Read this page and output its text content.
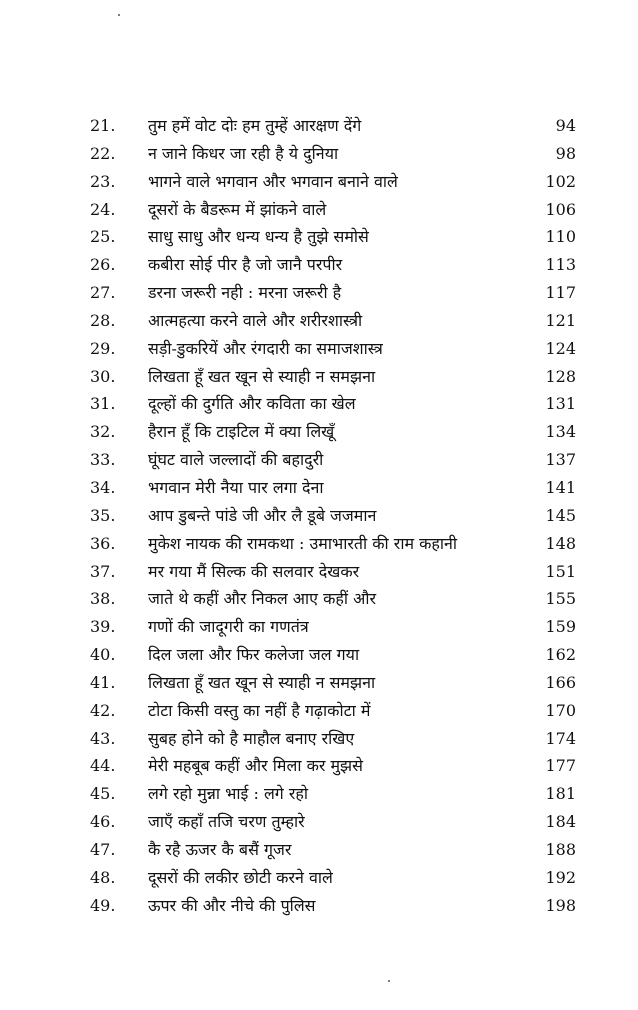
21.	तुम हमें वोट दोः हम तुम्हें आरक्षण देंगे	94
22.	न जाने किधर जा रही है ये दुनिया	98
23.	भागने वाले भगवान और भगवान बनाने वाले	102
24.	दूसरों के बैडरूम में झांकने वाले	106
25.	साधु साधु और धन्य धन्य है तुझे समोसे	110
26.	कबीरा सोई पीर है जो जानै परपीर	113
27.	डरना जरूरी नही : मरना जरूरी है	117
28.	आत्महत्या करने वाले और शरीरशास्त्री	121
29.	सड़ी-डुकरियें और रंगदारी का समाजशास्त्र	124
30.	लिखता हूँ खत खून से स्याही न समझना	128
31.	दूल्हों की दुर्गति और कविता का खेल	131
32.	हैरान हूँ कि टाइटिल में क्या लिखूँ	134
33.	घूंघट वाले जल्लादों की बहादुरी	137
34.	भगवान मेरी नैया पार लगा देना	141
35.	आप डुबन्ते पांडे जी और लै डूबे जजमान	145
36.	मुकेश नायक की रामकथा : उमाभारती की राम कहानी	148
37.	मर गया मैं सिल्क की सलवार देखकर	151
38.	जाते थे कहीं और निकल आए कहीं और	155
39.	गणों की जादूगरी का गणतंत्र	159
40.	दिल जला और फिर कलेजा जल गया	162
41.	लिखता हूँ खत खून से स्याही न समझना	166
42.	टोटा किसी वस्तु का नहीं है गढ़ाकोटा में	170
43.	सुबह होने को है माहौल बनाए रखिए	174
44.	मेरी महबूब कहीं और मिला कर मुझसे	177
45.	लगे रहो मुन्ना भाई : लगे रहो	181
46.	जाएँ कहाँ तजि चरण तुम्हारे	184
47.	कै रहै ऊजर कै बसैं गूजर	188
48.	दूसरों की लकीर छोटी करने वाले	192
49.	ऊपर की और नीचे की पुलिस	198
